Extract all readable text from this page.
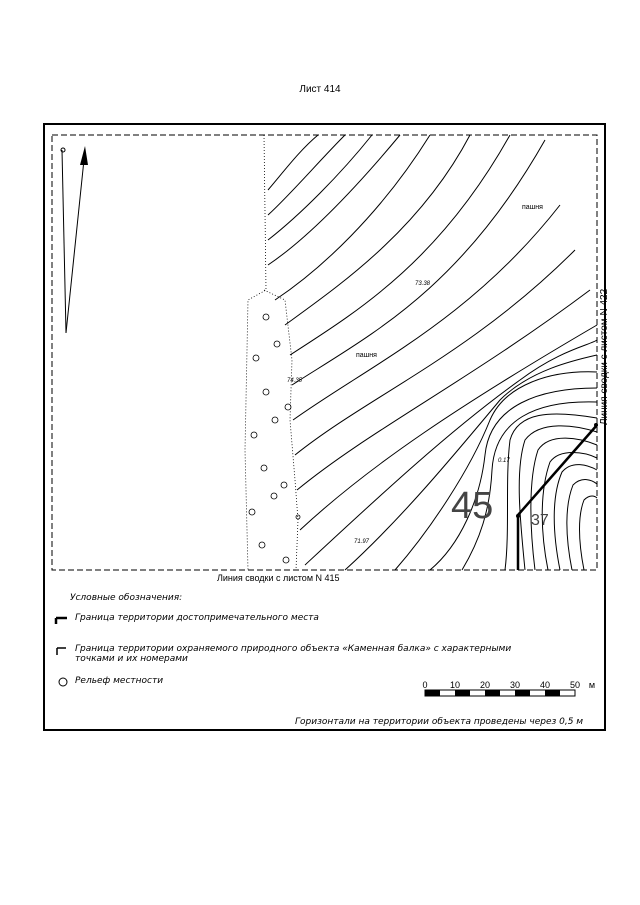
Лист 414
пашня
пашня
73.38
74.35
0.17
71.97
45 37
Линия сводки с листом N 422
0 10 20 30 40 50 м
Линия сводки с листом N 415
Условные обозначения:
Граница территории достопримечательного места
Граница территории охраняемого природного объекта «Каменная балка» с характерными точками и их номерами
Рельеф местности
Горизонтали на территории объекта проведены через 0,5 м
